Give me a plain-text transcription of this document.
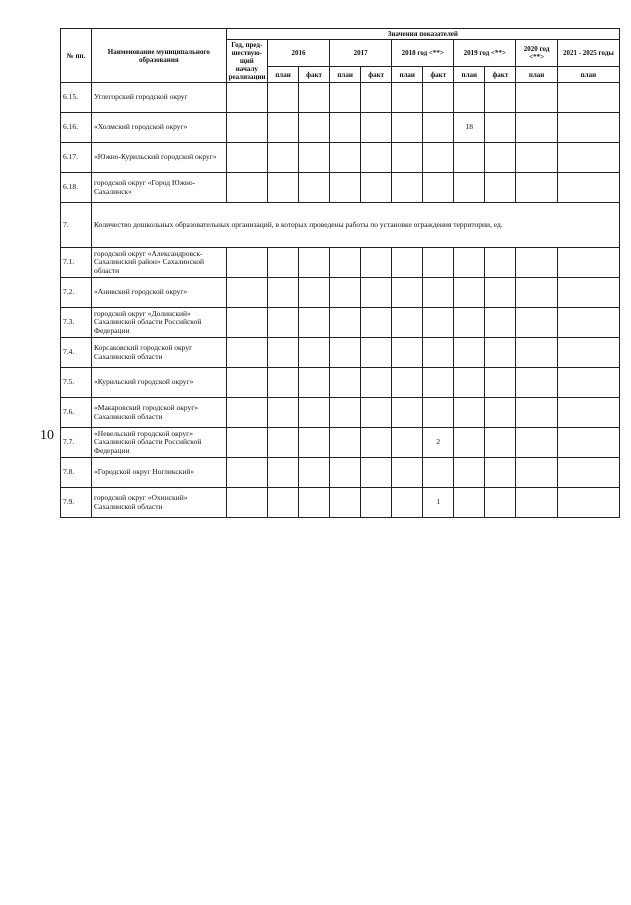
10
№ пп.	Наименование муниципального образования	Значения показателей										
		Год, пред-шествую-щий началу реализации	2016		2017		2018 год <**>		2019 год <**>		2020 год <**>	2021 - 2025 годы
			план	факт	план	факт	план	факт	план	факт	план	план
6.15.	Углегорский городской округ											
6.16.	«Холмский городской округ»								18			
6.17.	«Южно-Курильский городской округ»											
6.18.	городской округ «Город Южно-Сахалинск»											
7.	Количество дошкольных образовательных организаций, в которых проведены работы по установке ограждения территории, ед.											
7.1.	городской округ «Александровск-Сахалинский район» Сахалинской области											
7.2.	«Анивский городской округ»											
7.3.	городской округ «Долинский» Сахалинской области Российской Федерации											
7.4.	Корсаковский городской округ Сахалинской области											
7.5.	«Курильский городской округ»											
7.6.	«Макаровский городской округ» Сахалинской области											
7.7.	«Невельский городской округ» Сахалинской области Российской Федерации							2				
7.8.	«Городской округ Ногликский»											
7.9.	городской округ «Охинский» Сахалинской области							1				
